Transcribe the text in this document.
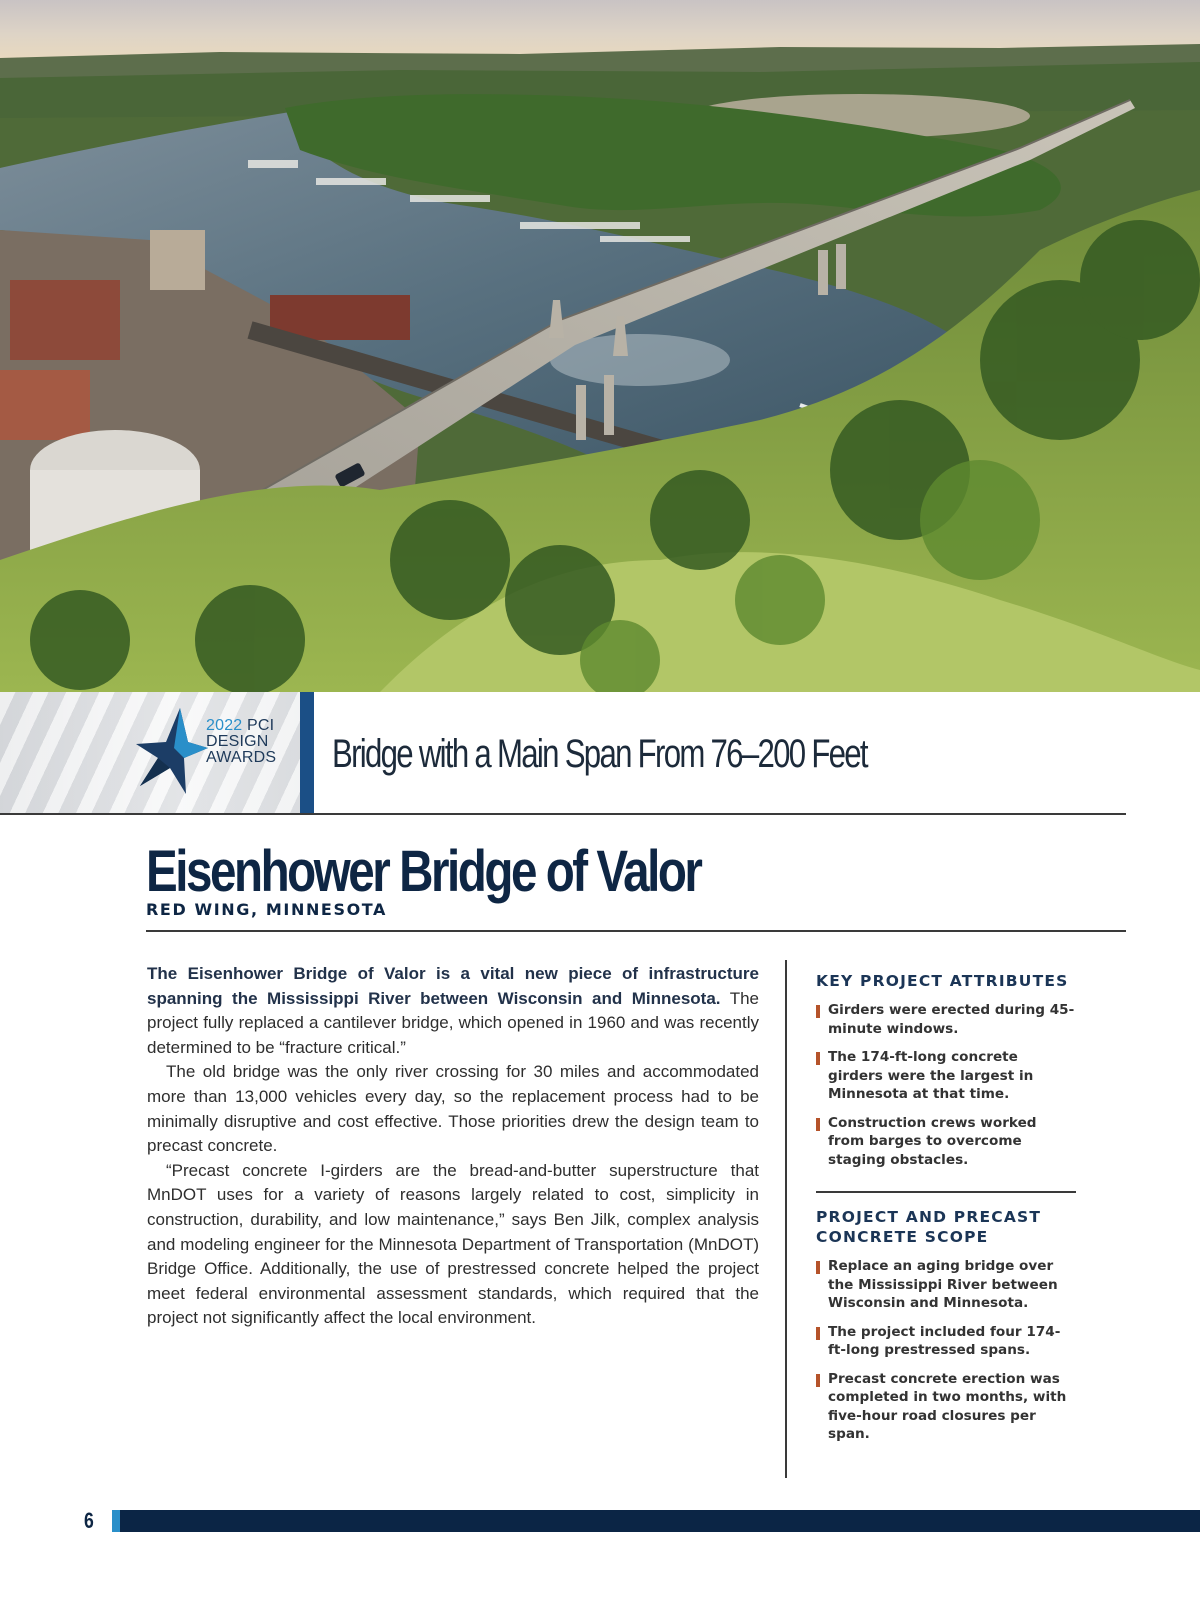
2022 PCI
DESIGN
AWARDS	Bridge with a Main Span From 76–200 Feet
Eisenhower Bridge of Valor
RED WING, MINNESOTA

The Eisenhower Bridge of Valor is a vital new piece of infrastructure spanning the Mississippi River between Wisconsin and Minnesota. The project fully replaced a cantilever bridge, which opened in 1960 and was recently determined to be “fracture critical.”

The old bridge was the only river crossing for 30 miles and accommodated more than 13,000 vehicles every day, so the replacement process had to be minimally disruptive and cost effective. Those priorities drew the design team to precast concrete.

“Precast concrete I-girders are the bread-and-butter superstructure that MnDOT uses for a variety of reasons largely related to cost, simplicity in construction, durability, and low maintenance,” says Ben Jilk, complex analysis and modeling engineer for the Minnesota Department of Transportation (MnDOT) Bridge Office. Additionally, the use of prestressed concrete helped the project meet federal environmental assessment standards, which required that the project not significantly affect the local environment.

KEY PROJECT ATTRIBUTES
Girders were erected during 45-minute windows.
The 174-ft-long concrete girders were the largest in Minnesota at that time.
Construction crews worked from barges to overcome staging obstacles.
PROJECT AND PRECAST CONCRETE SCOPE
Replace an aging bridge over the Mississippi River between Wisconsin and Minnesota.
The project included four 174-ft-long prestressed spans.
Precast concrete erection was completed in two months, with five-hour road closures per span.
6
